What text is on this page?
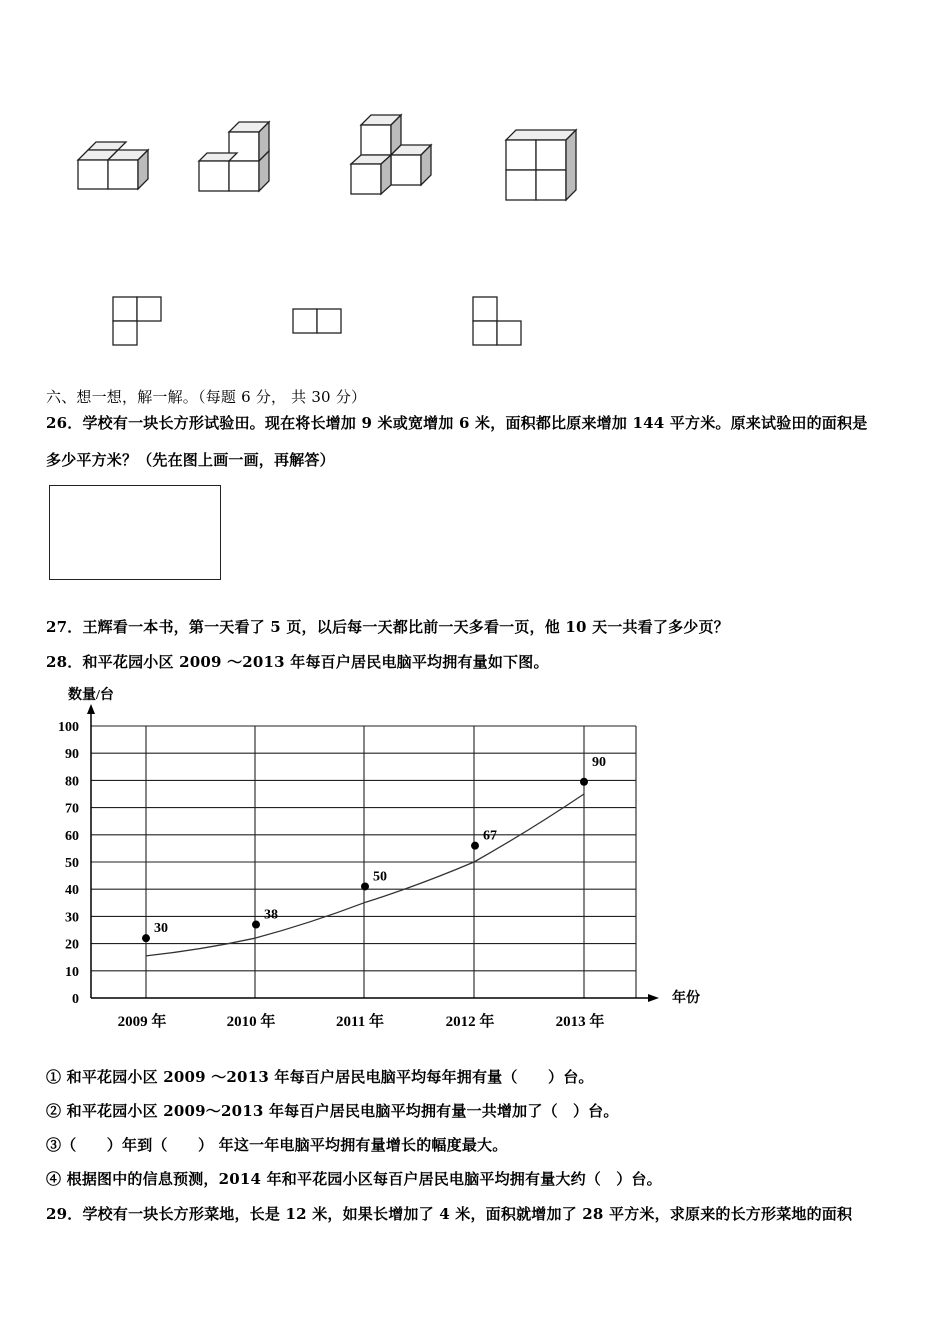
六、想一想，解一解。（每题 6 分， 共 30 分）
26．学校有一块长方形试验田。现在将长增加 9 米或宽增加 6 米，面积都比原来增加 144 平方米。原来试验田的面积是
多少平方米？（先在图上画一画，再解答）
27．王辉看一本书，第一天看了 5 页，以后每一天都比前一天多看一页，他 10 天一共看了多少页？
28．和平花园小区 2009 ～2013 年每百户居民电脑平均拥有量如下图。
0
10
20
30
40
50
60
70
80
90
100
2009 年	2010 年	2011 年	2012 年	2013 年
30
38
50
67
90
数量/台
年份
① 和平花园小区 2009 ～2013 年每百户居民电脑平均每年拥有量（　　）台。
② 和平花园小区 2009～2013 年每百户居民电脑平均拥有量一共增加了（　）台。
③（　　）年到（　　） 年这一年电脑平均拥有量增长的幅度最大。
④ 根据图中的信息预测，2014 年和平花园小区每百户居民电脑平均拥有量大约（　）台。
29．学校有一块长方形菜地，长是 12 米，如果长增加了 4 米，面积就增加了 28 平方米，求原来的长方形菜地的面积
